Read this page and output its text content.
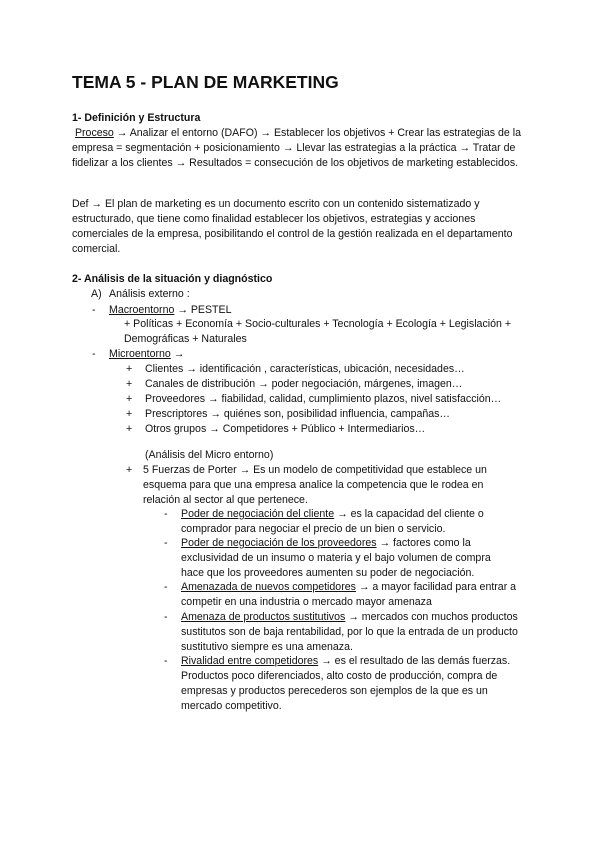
TEMA 5 - PLAN DE MARKETING
1- Definición y Estructura

Proceso → Analizar el entorno (DAFO) → Establecer los objetivos + Crear las estrategias de la empresa = segmentación + posicionamiento → Llevar las estrategias a la práctica → Tratar de fidelizar a los clientes → Resultados = consecución de los objetivos de marketing establecidos.

Def → El plan de marketing es un documento escrito con un contenido sistematizado y estructurado, que tiene como finalidad establecer los objetivos, estrategias y acciones comerciales de la empresa, posibilitando el control de la gestión realizada en el departamento comercial.

2- Análisis de la situación y diagnóstico
A) Análisis externo :
- Macroentorno → PESTEL

+ Políticas + Economía + Socio-culturales + Tecnología + Ecología + Legislación + Demográficas + Naturales

- Microentorno →
+ Clientes → identificación , características, ubicación, necesidades…
+ Canales de distribución → poder negociación, márgenes, imagen…
+ Proveedores → fiabilidad, calidad, cumplimiento plazos, nivel satisfacción…
+ Prescriptores → quiénes son, posibilidad influencia, campañas…
+ Otros grupos → Competidores + Público + Intermediarios…
(Análisis del Micro entorno)
+ 5 Fuerzas de Porter → Es un modelo de competitividad que establece un esquema para que una empresa analice la competencia que le rodea en relación al sector al que pertenece.

- Poder de negociación del cliente → es la capacidad del cliente o comprador para negociar el precio de un bien o servicio.

- Poder de negociación de los proveedores → factores como la exclusividad de un insumo o materia y el bajo volumen de compra hace que los proveedores aumenten su poder de negociación.

- Amenazada de nuevos competidores → a mayor facilidad para entrar a competir en una industria o mercado mayor amenaza

- Amenaza de productos sustitutivos → mercados con muchos productos sustitutos son de baja rentabilidad, por lo que la entrada de un producto sustitutivo siempre es una amenaza.

- Rivalidad entre competidores → es el resultado de las demás fuerzas. Productos poco diferenciados, alto costo de producción, compra de empresas y productos perecederos son ejemplos de la que es un mercado competitivo.
